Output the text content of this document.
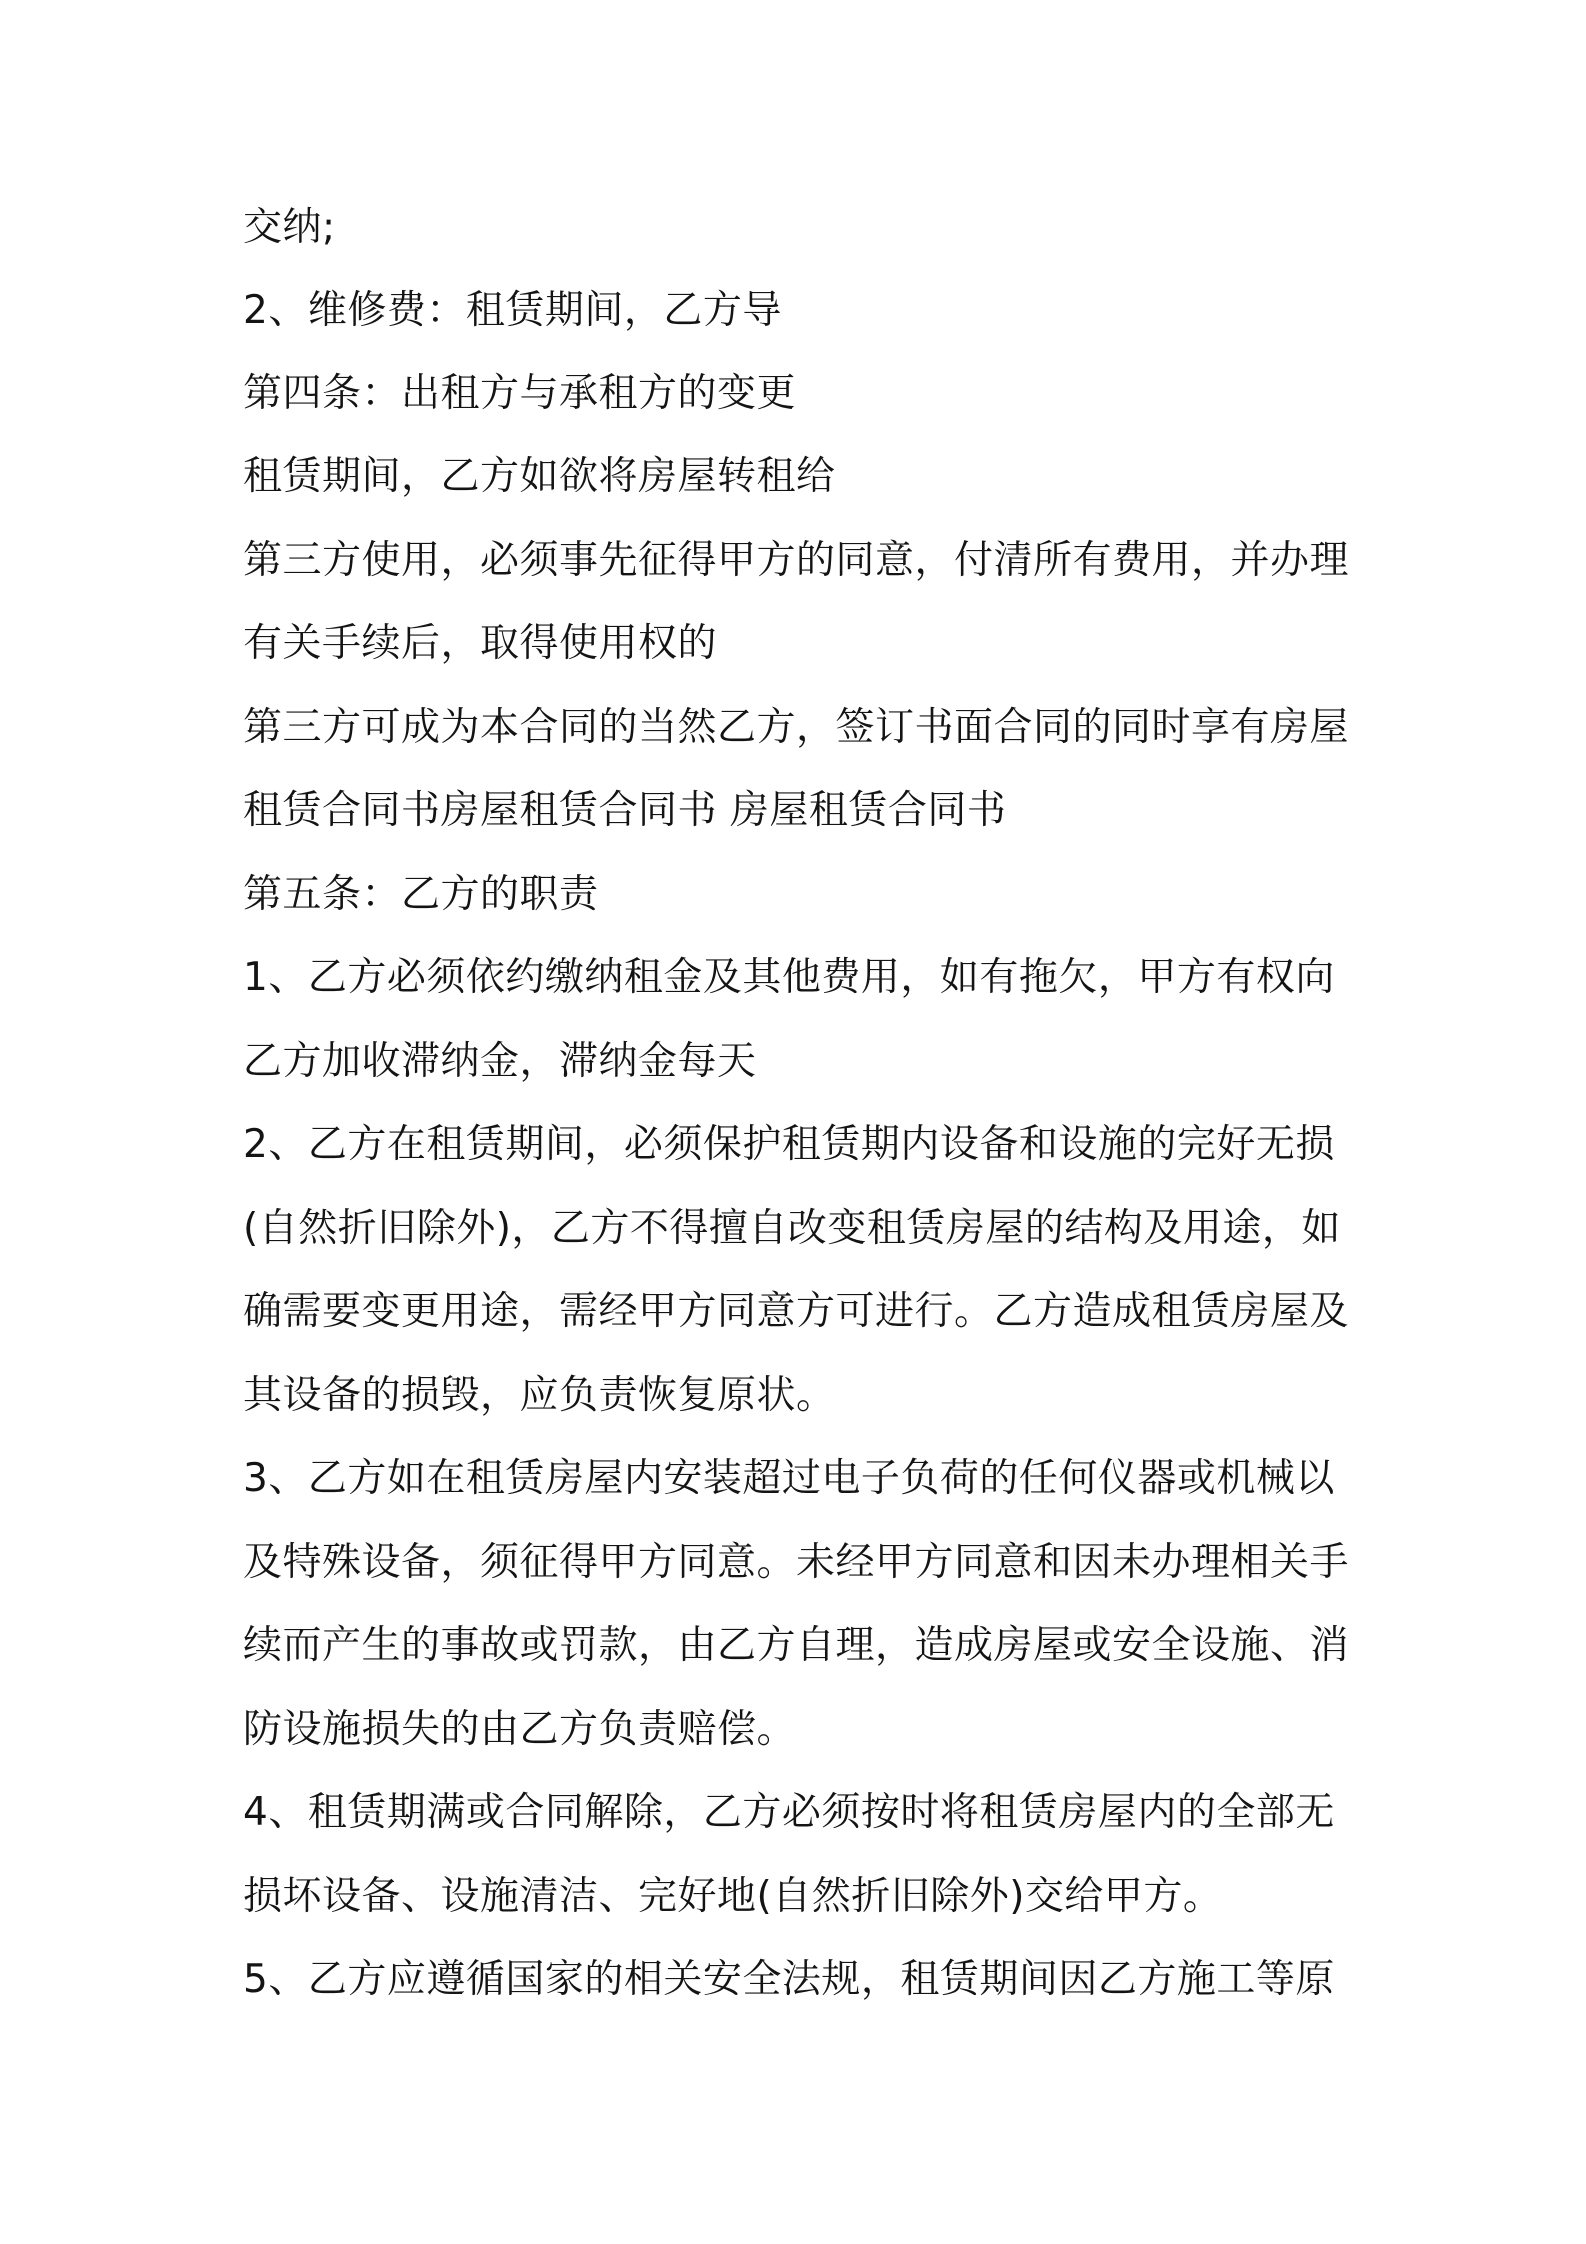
交纳;
2、维修费：租赁期间，乙方导
第四条：出租方与承租方的变更
租赁期间，乙方如欲将房屋转租给
第三方使用，必须事先征得甲方的同意，付清所有费用，并办理
有关手续后，取得使用权的
第三方可成为本合同的当然乙方，签订书面合同的同时享有房屋
租赁合同书房屋租赁合同书 房屋租赁合同书
第五条：乙方的职责
1、乙方必须依约缴纳租金及其他费用，如有拖欠，甲方有权向
乙方加收滞纳金，滞纳金每天
2、乙方在租赁期间，必须保护租赁期内设备和设施的完好无损
(自然折旧除外)，乙方不得擅自改变租赁房屋的结构及用途，如
确需要变更用途，需经甲方同意方可进行。乙方造成租赁房屋及
其设备的损毁，应负责恢复原状。
3、乙方如在租赁房屋内安装超过电子负荷的任何仪器或机械以
及特殊设备，须征得甲方同意。未经甲方同意和因未办理相关手
续而产生的事故或罚款，由乙方自理，造成房屋或安全设施、消
防设施损失的由乙方负责赔偿。
4、租赁期满或合同解除，乙方必须按时将租赁房屋内的全部无
损坏设备、设施清洁、完好地(自然折旧除外)交给甲方。
5、乙方应遵循国家的相关安全法规，租赁期间因乙方施工等原
